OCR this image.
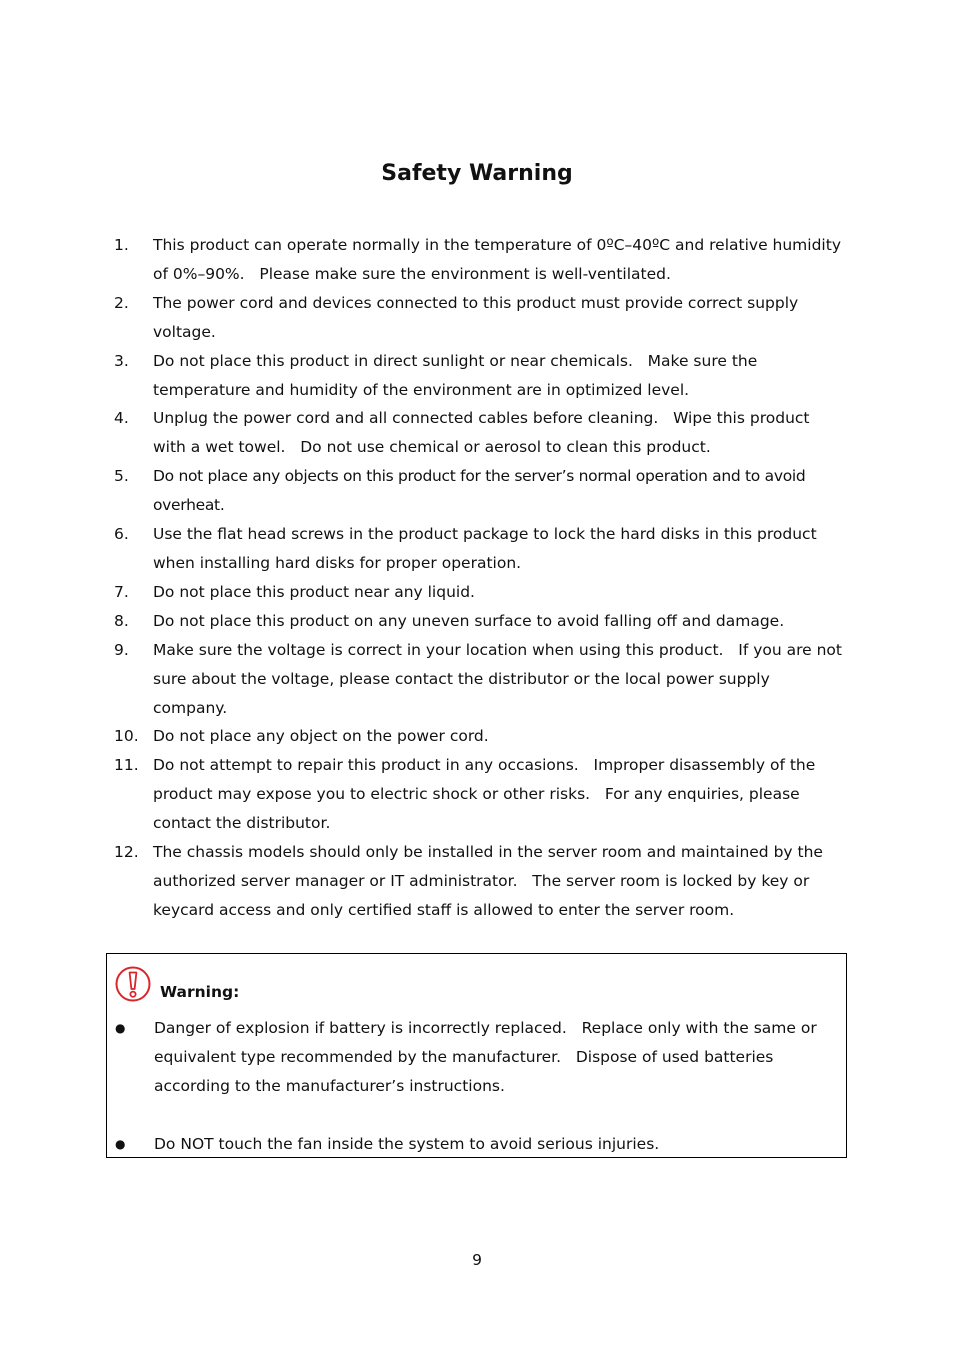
Safety Warning
1.	This product can operate normally in the temperature of 0ºC–40ºC and relative humidity of 0%–90%.   Please make sure the environment is well-ventilated.
2.	The power cord and devices connected to this product must provide correct supply voltage.
3.	Do not place this product in direct sunlight or near chemicals.   Make sure the temperature and humidity of the environment are in optimized level.
4.	Unplug the power cord and all connected cables before cleaning.   Wipe this product with a wet towel.   Do not use chemical or aerosol to clean this product.
5.	Do not place any objects on this product for the server’s normal operation and to avoid overheat.
6.	Use the flat head screws in the product package to lock the hard disks in this product when installing hard disks for proper operation.
7.	Do not place this product near any liquid.
8.	Do not place this product on any uneven surface to avoid falling off and damage.
9.	Make sure the voltage is correct in your location when using this product.   If you are not sure about the voltage, please contact the distributor or the local power supply company.
10. Do not place any object on the power cord.
11. Do not attempt to repair this product in any occasions.   Improper disassembly of the product may expose you to electric shock or other risks.   For any enquiries, please contact the distributor.
12. The chassis models should only be installed in the server room and maintained by the authorized server manager or IT administrator.   The server room is locked by key or keycard access and only certified staff is allowed to enter the server room.
Warning:
●	Danger of explosion if battery is incorrectly replaced.   Replace only with the same or equivalent type recommended by the manufacturer.   Dispose of used batteries according to the manufacturer’s instructions.
●	Do NOT touch the fan inside the system to avoid serious injuries.
9
